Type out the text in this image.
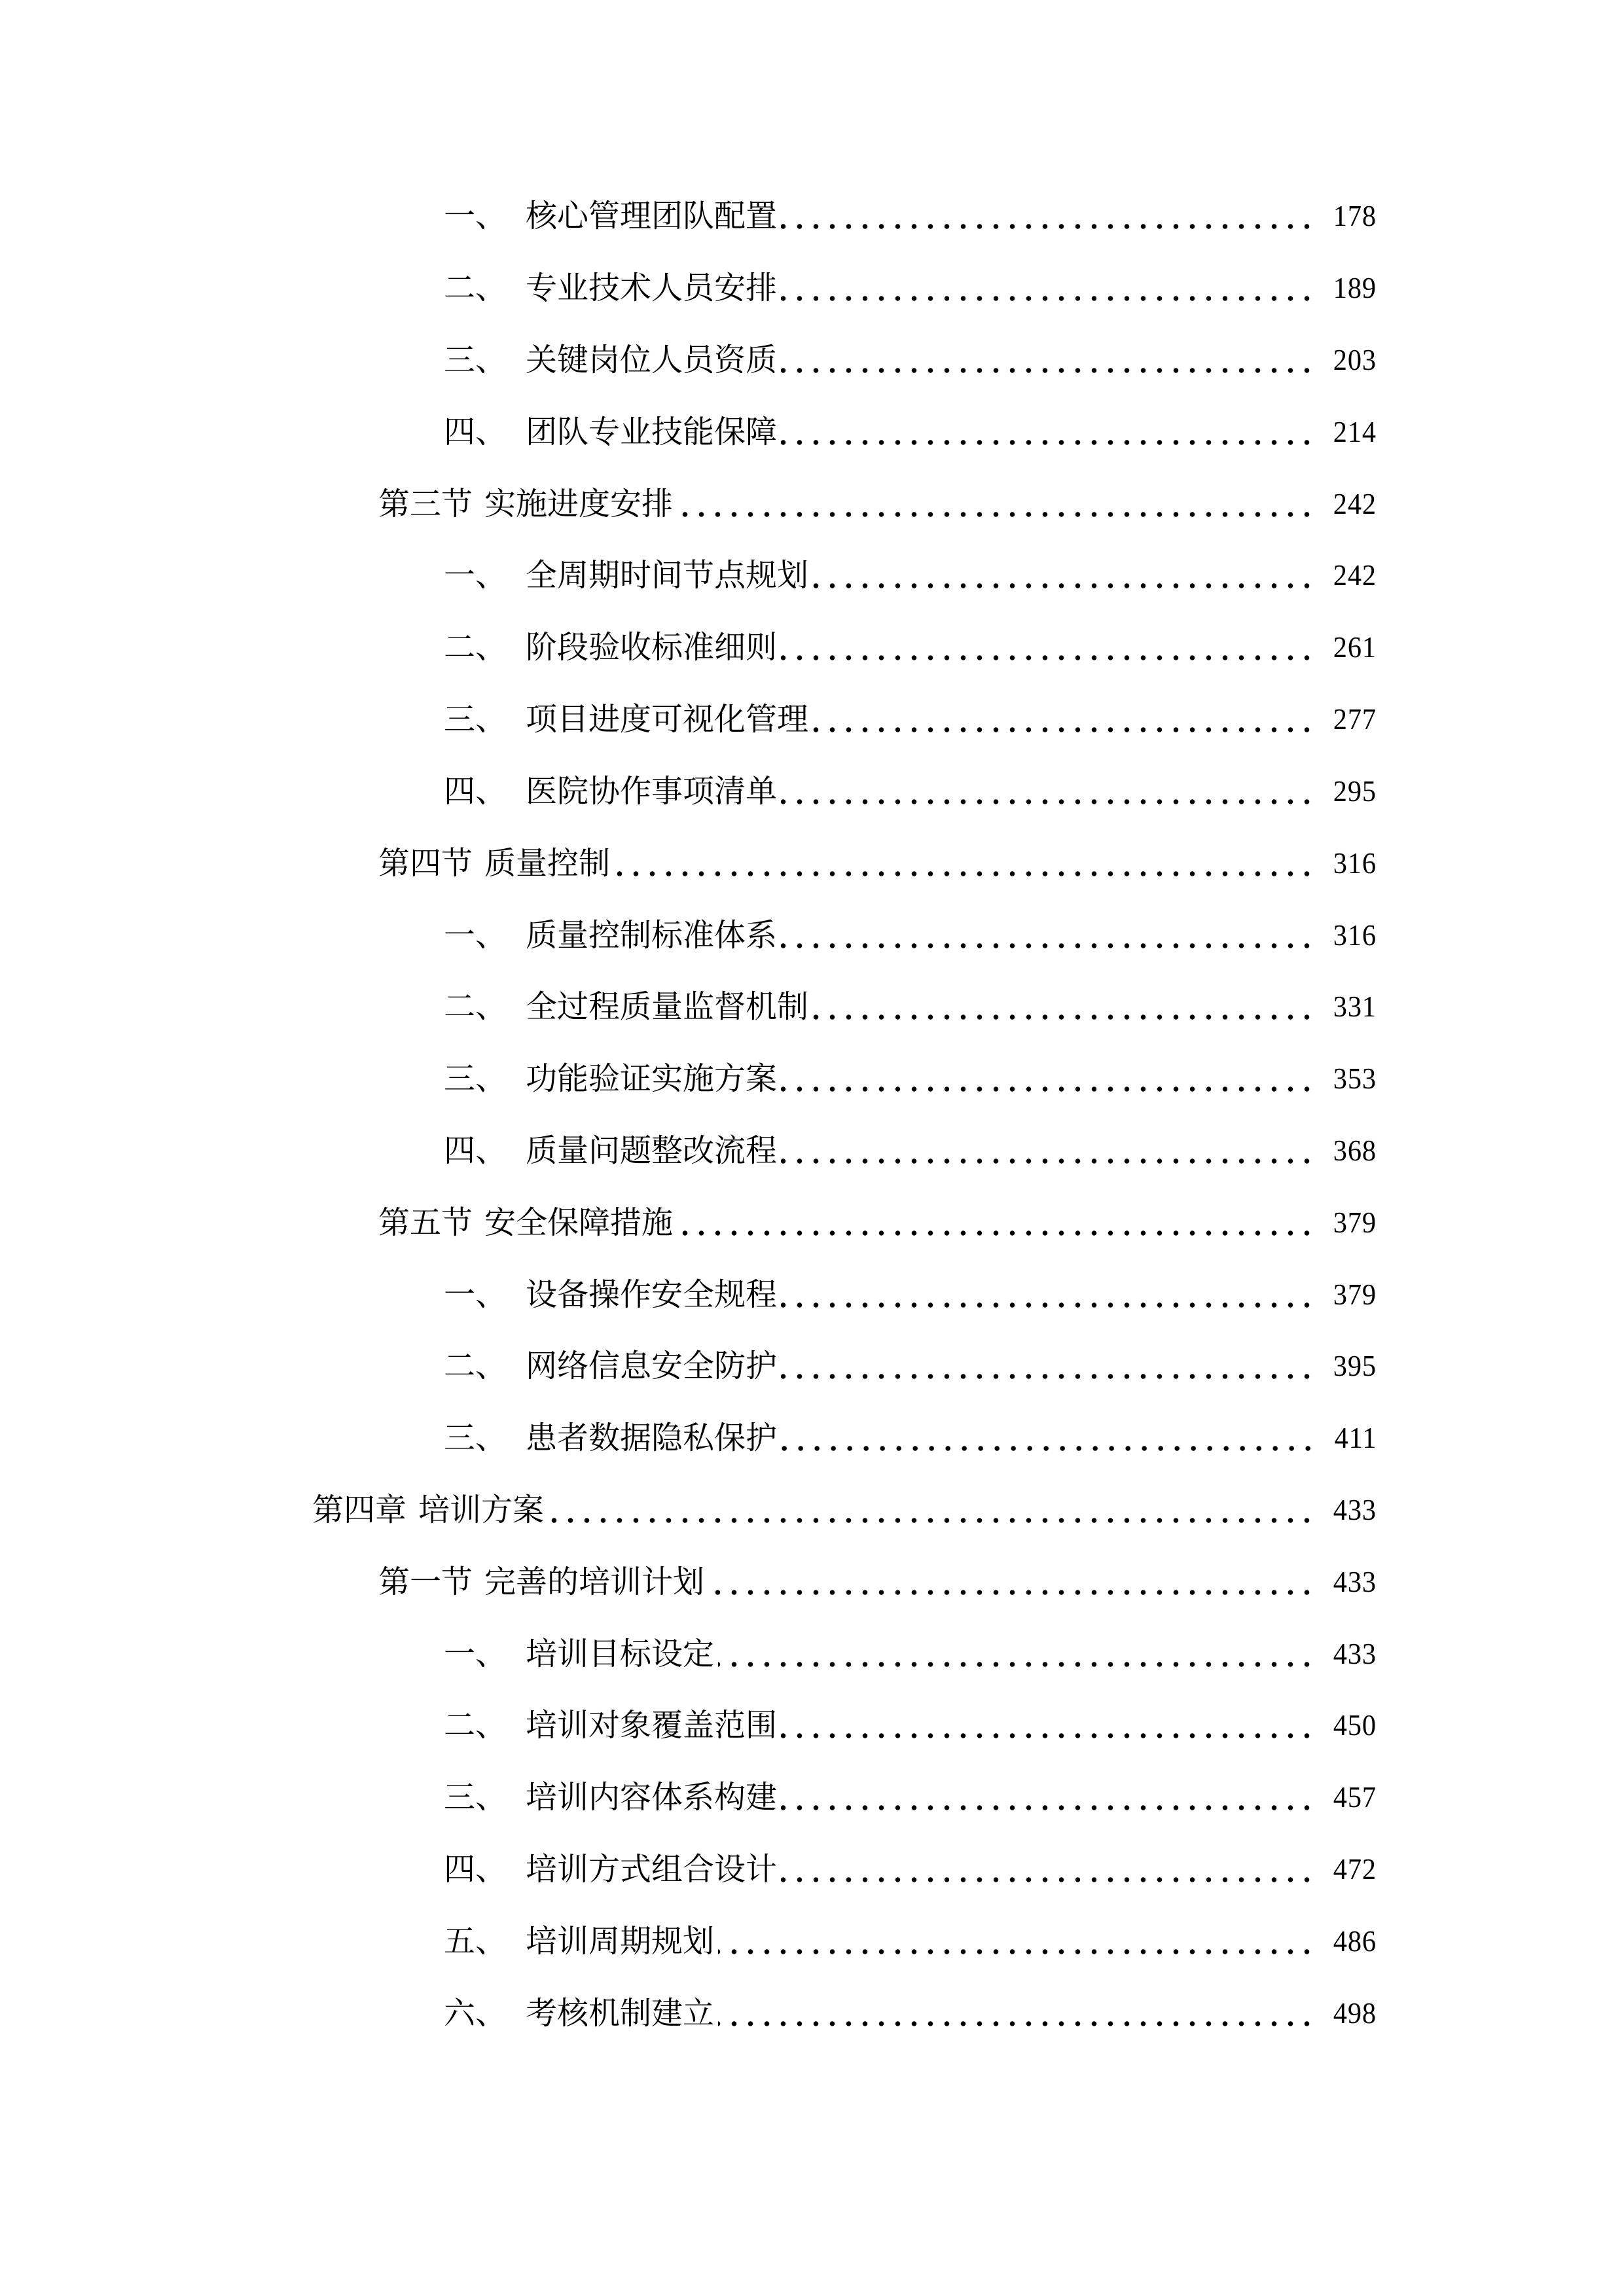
一、 核心管理团队配置	178
二、 专业技术人员安排	189
三、 关键岗位人员资质	203
四、 团队专业技能保障	214
第三节 实施进度安排	242
一、 全周期时间节点规划	242
二、 阶段验收标准细则	261
三、 项目进度可视化管理	277
四、 医院协作事项清单	295
第四节 质量控制	316
一、 质量控制标准体系	316
二、 全过程质量监督机制	331
三、 功能验证实施方案	353
四、 质量问题整改流程	368
第五节 安全保障措施	379
一、 设备操作安全规程	379
二、 网络信息安全防护	395
三、 患者数据隐私保护	411
第四章 培训方案	433
第一节 完善的培训计划	433
一、 培训目标设定	433
二、 培训对象覆盖范围	450
三、 培训内容体系构建	457
四、 培训方式组合设计	472
五、 培训周期规划	486
六、 考核机制建立	498
